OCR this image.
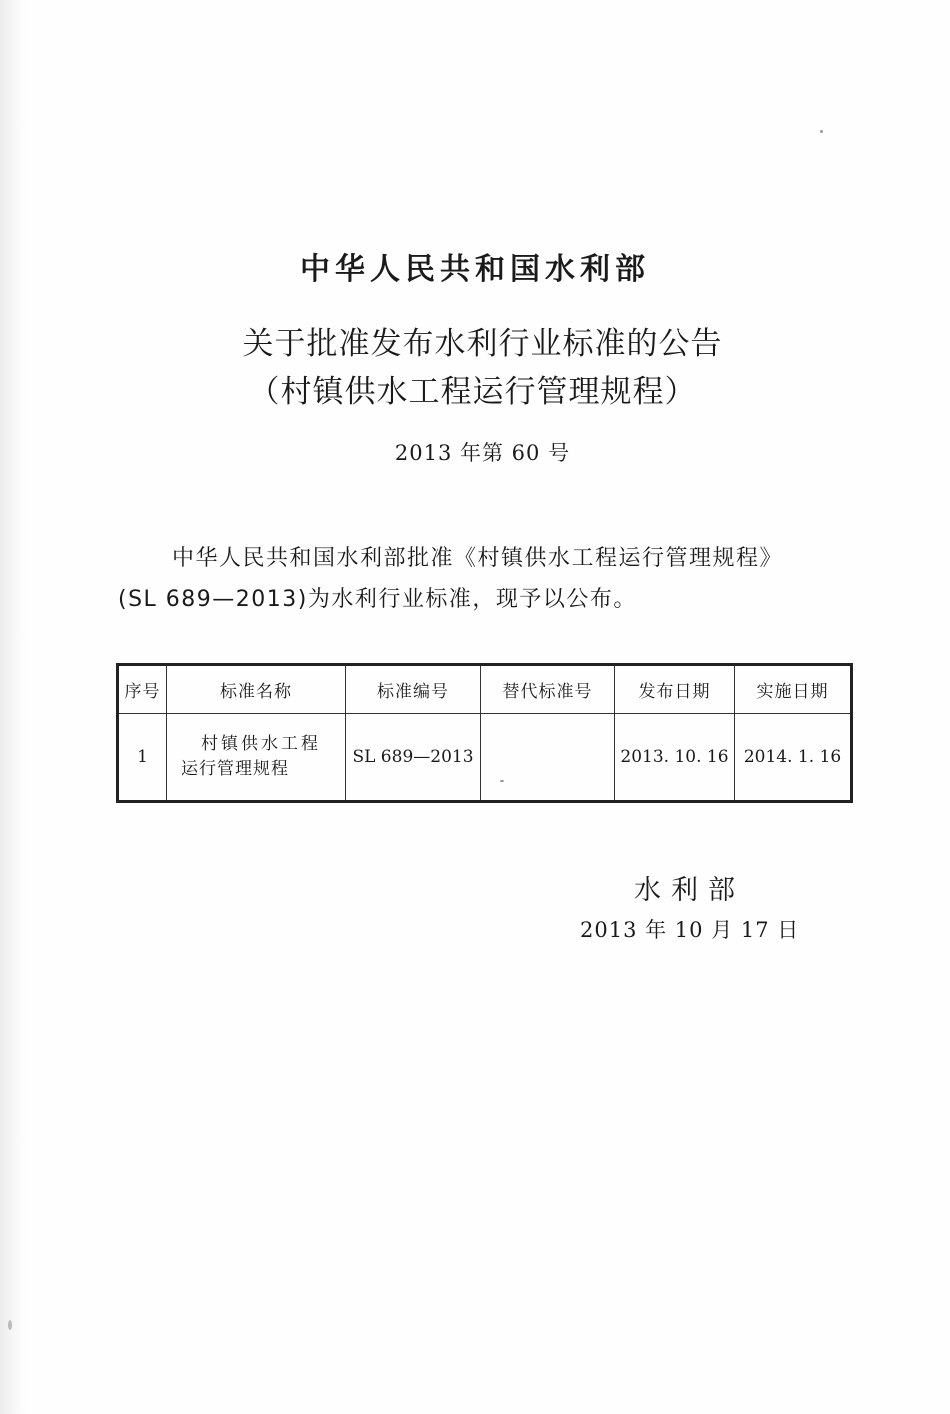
中华人民共和国水利部
关于批准发布水利行业标准的公告
（村镇供水工程运行管理规程）
2013 年第 60 号
中华人民共和国水利部批准《村镇供水工程运行管理规程》
(SL 689—2013)为水利行业标准，现予以公布。
序号	标准名称	标准编号	替代标准号	发布日期	实施日期
1	村镇供水工程
运行管理规程	SL 689—2013		2013. 10. 16	2014. 1. 16
水利部
2013 年 10 月 17 日
